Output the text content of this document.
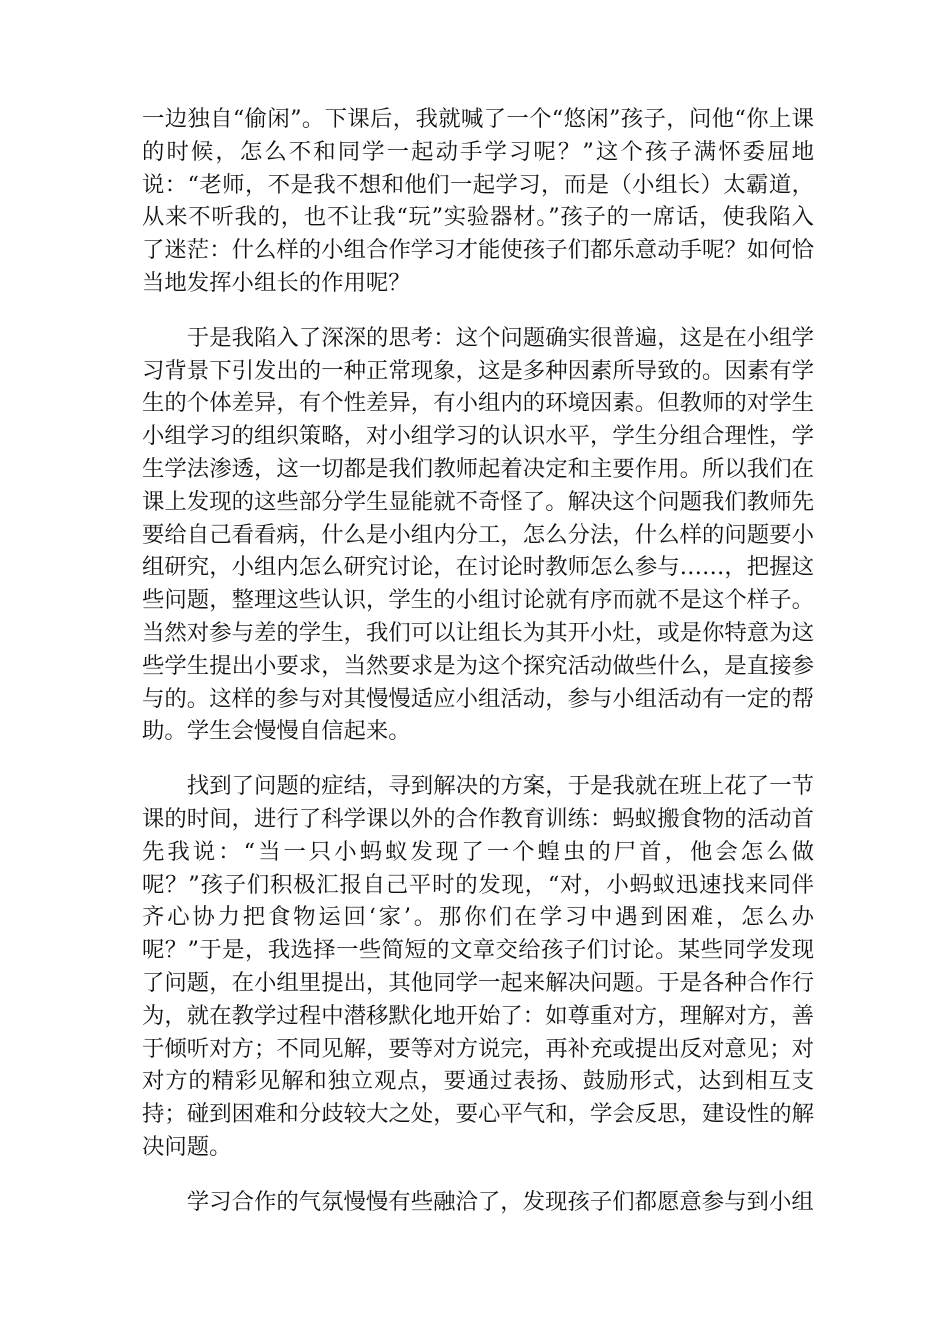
一边独自“偷闲”。下课后，我就喊了一个“悠闲”孩子，问他“你上课的时候，怎么不和同学一起动手学习呢？”这个孩子满怀委屈地说：“老师，不是我不想和他们一起学习，而是（小组长）太霸道，从来不听我的，也不让我“玩”实验器材。”孩子的一席话，使我陷入了迷茫：什么样的小组合作学习才能使孩子们都乐意动手呢？如何恰当地发挥小组长的作用呢？

于是我陷入了深深的思考：这个问题确实很普遍，这是在小组学习背景下引发出的一种正常现象，这是多种因素所导致的。因素有学生的个体差异，有个性差异，有小组内的环境因素。但教师的对学生小组学习的组织策略，对小组学习的认识水平，学生分组合理性，学生学法渗透，这一切都是我们教师起着决定和主要作用。所以我们在课上发现的这些部分学生显能就不奇怪了。解决这个问题我们教师先要给自己看看病，什么是小组内分工，怎么分法，什么样的问题要小组研究，小组内怎么研究讨论，在讨论时教师怎么参与……，把握这些问题，整理这些认识，学生的小组讨论就有序而就不是这个样子。当然对参与差的学生，我们可以让组长为其开小灶，或是你特意为这些学生提出小要求，当然要求是为这个探究活动做些什么，是直接参与的。这样的参与对其慢慢适应小组活动，参与小组活动有一定的帮助。学生会慢慢自信起来。

找到了问题的症结，寻到解决的方案，于是我就在班上花了一节课的时间，进行了科学课以外的合作教育训练：蚂蚁搬食物的活动首先我说：“当一只小蚂蚁发现了一个蝗虫的尸首，他会怎么做呢？”孩子们积极汇报自己平时的发现，“对，小蚂蚁迅速找来同伴齐心协力把食物运回‘家’。那你们在学习中遇到困难，怎么办呢？”于是，我选择一些简短的文章交给孩子们讨论。某些同学发现了问题，在小组里提出，其他同学一起来解决问题。于是各种合作行为，就在教学过程中潜移默化地开始了：如尊重对方，理解对方，善于倾听对方；不同见解，要等对方说完，再补充或提出反对意见；对对方的精彩见解和独立观点，要通过表扬、鼓励形式，达到相互支持；碰到困难和分歧较大之处，要心平气和，学会反思，建设性的解决问题。

学习合作的气氛慢慢有些融洽了，发现孩子们都愿意参与到小组
